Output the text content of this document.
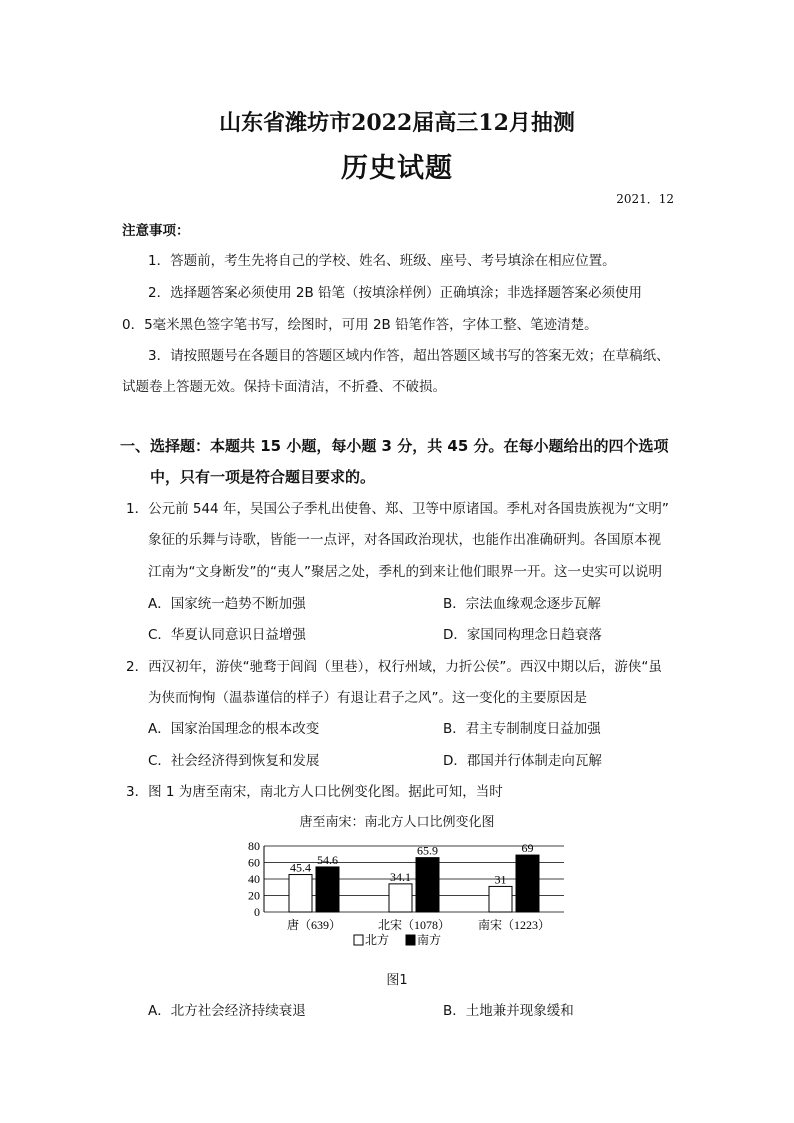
山东省潍坊市2022届高三12月抽测
历史试题
2021．12
注意事项：
1．答题前，考生先将自己的学校、姓名、班级、座号、考号填涂在相应位置。
2．选择题答案必须使用 2B 铅笔（按填涂样例）正确填涂；非选择题答案必须使用
0．5毫米黑色签字笔书写，绘图时，可用 2B 铅笔作答，字体工整、笔迹清楚。
3．请按照题号在各题目的答题区域内作答，超出答题区域书写的答案无效；在草稿纸、
试题卷上答题无效。保持卡面清洁，不折叠、不破损。
一、选择题：本题共 15 小题，每小题 3 分，共 45 分。在每小题给出的四个选项
中，只有一项是符合题目要求的。
1．公元前 544 年，吴国公子季札出使鲁、郑、卫等中原诸国。季札对各国贵族视为“文明”
象征的乐舞与诗歌，皆能一一点评，对各国政治现状，也能作出准确研判。各国原本视
江南为“文身断发”的“夷人”聚居之处，季札的到来让他们眼界一开。这一史实可以说明
A．国家统一趋势不断加强	B．宗法血缘观念逐步瓦解
C．华夏认同意识日益增强	D．家国同构理念日趋衰落
2．西汉初年，游侠“驰骛于闾阎（里巷），权行州域，力折公侯”。西汉中期以后，游侠“虽
为侠而恂恂（温恭谨信的样子）有退让君子之风”。这一变化的主要原因是
A．国家治国理念的根本改变	B．君主专制制度日益加强
C．社会经济得到恢复和发展	D．郡国并行体制走向瓦解
3．图 1 为唐至南宋，南北方人口比例变化图。据此可知，当时
唐至南宋：南北方人口比例变化图
0
20
40
60
80
45.4
54.6
唐（639）
34.1
65.9
北宋（1078）
31
69
南宋（1223）
北方 南方
图1
A．北方社会经济持续衰退	B．土地兼并现象缓和
